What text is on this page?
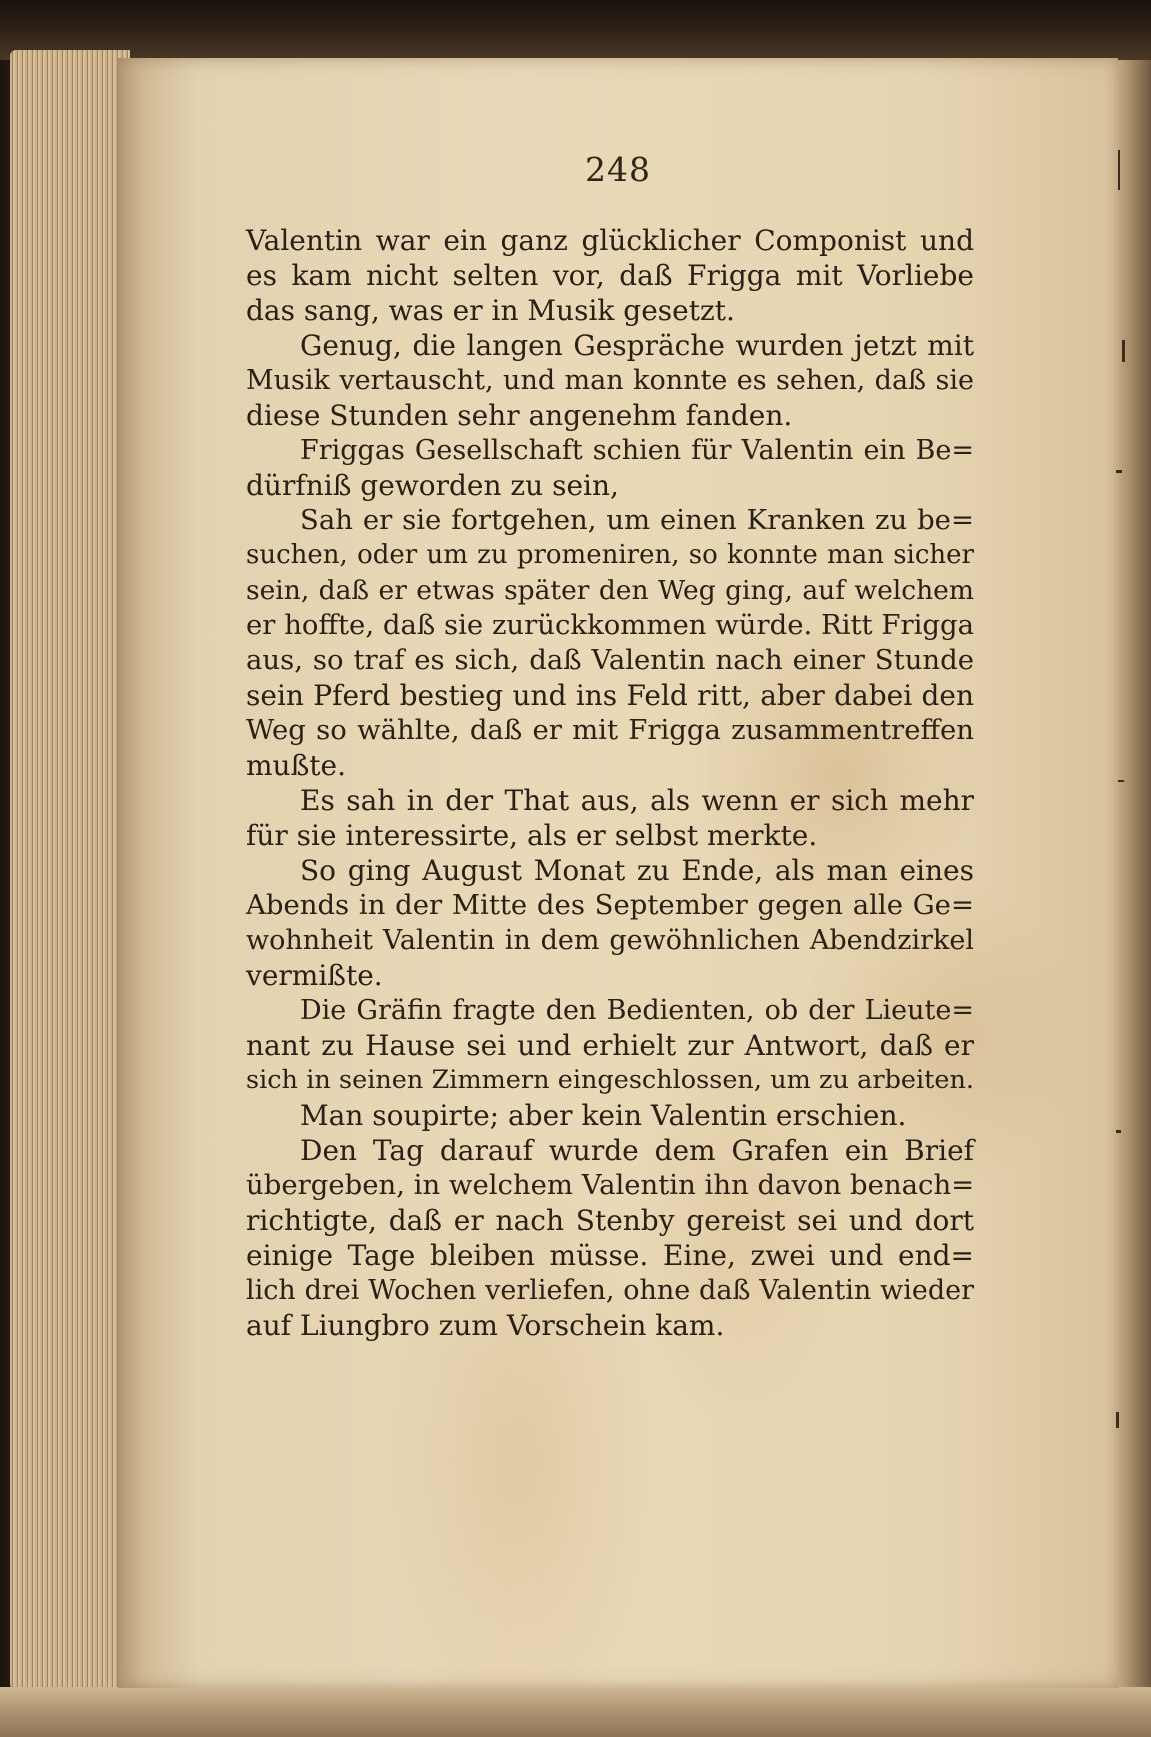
248
Valentin war ein ganz glücklicher Componist und
es kam nicht selten vor, daß Frigga mit Vorliebe
das sang, was er in Musik gesetzt.
Genug, die langen Gespräche wurden jetzt mit
Musik vertauscht, und man konnte es sehen, daß sie
diese Stunden sehr angenehm fanden.
Friggas Gesellschaft schien für Valentin ein Be=
dürfniß geworden zu sein,
Sah er sie fortgehen, um einen Kranken zu be=
suchen, oder um zu promeniren, so konnte man sicher
sein, daß er etwas später den Weg ging, auf welchem
er hoffte, daß sie zurückkommen würde. Ritt Frigga
aus, so traf es sich, daß Valentin nach einer Stunde
sein Pferd bestieg und ins Feld ritt, aber dabei den
Weg so wählte, daß er mit Frigga zusammentreffen
mußte.
Es sah in der That aus, als wenn er sich mehr
für sie interessirte, als er selbst merkte.
So ging August Monat zu Ende, als man eines
Abends in der Mitte des September gegen alle Ge=
wohnheit Valentin in dem gewöhnlichen Abendzirkel
vermißte.
Die Gräfin fragte den Bedienten, ob der Lieute=
nant zu Hause sei und erhielt zur Antwort, daß er
sich in seinen Zimmern eingeschlossen, um zu arbeiten.
Man soupirte; aber kein Valentin erschien.
Den Tag darauf wurde dem Grafen ein Brief
übergeben, in welchem Valentin ihn davon benach=
richtigte, daß er nach Stenby gereist sei und dort
einige Tage bleiben müsse. Eine, zwei und end=
lich drei Wochen verliefen, ohne daß Valentin wieder
auf Liungbro zum Vorschein kam.
